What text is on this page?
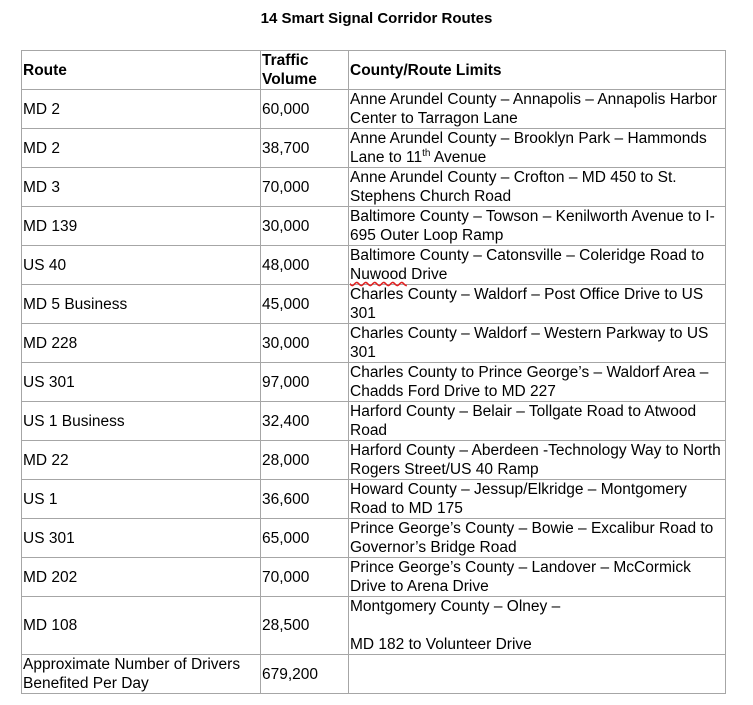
14 Smart Signal Corridor Routes
Route	Traffic Volume	County/Route Limits
MD 2	60,000	Anne Arundel County – Annapolis – Annapolis Harbor Center to Tarragon Lane
MD 2	38,700	Anne Arundel County – Brooklyn Park – Hammonds Lane to 11th Avenue
MD 3	70,000	Anne Arundel County – Crofton – MD 450 to St. Stephens Church Road
MD 139	30,000	Baltimore County – Towson – Kenilworth Avenue to I-695 Outer Loop Ramp
US 40	48,000	Baltimore County – Catonsville – Coleridge Road to Nuwood Drive
MD 5 Business	45,000	Charles County – Waldorf – Post Office Drive to US 301
MD 228	30,000	Charles County – Waldorf – Western Parkway to US 301
US 301	97,000	Charles County to Prince George’s – Waldorf Area – Chadds Ford Drive to MD 227
US 1 Business	32,400	Harford County – Belair – Tollgate Road to Atwood Road
MD 22	28,000	Harford County – Aberdeen -Technology Way to North Rogers Street/US 40 Ramp
US 1	36,600	Howard County – Jessup/Elkridge – Montgomery Road to MD 175
US 301	65,000	Prince George’s County – Bowie – Excalibur Road to Governor’s Bridge Road
MD 202	70,000	Prince George’s County – Landover – McCormick Drive to Arena Drive
MD 108	28,500	Montgomery County – Olney –
MD 182 to Volunteer Drive

Approximate Number of Drivers Benefited Per Day	679,200	
